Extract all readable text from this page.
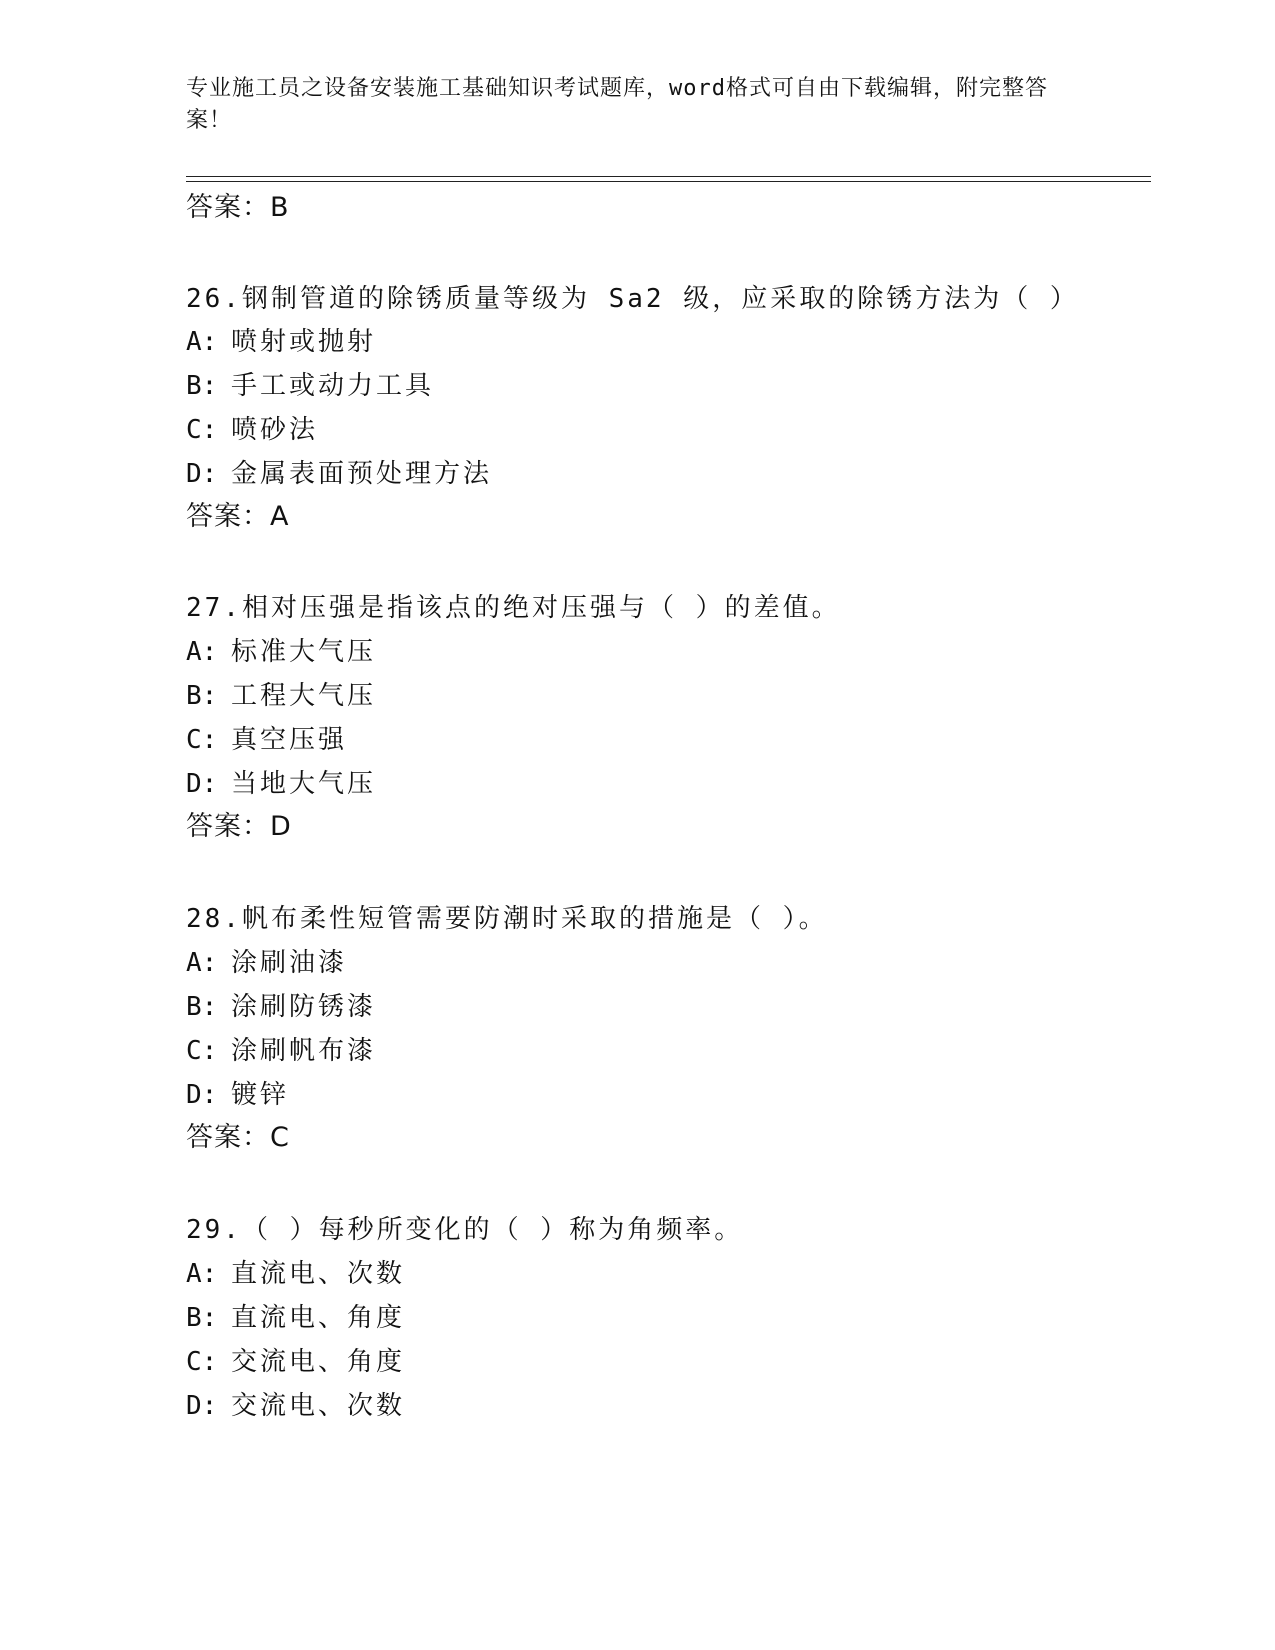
专业施工员之设备安装施工基础知识考试题库，word格式可自由下载编辑，附完整答案！
答案：B
26.钢制管道的除锈质量等级为 Sa2 级，应采取的除锈方法为（ ）
A: 喷射或抛射
B: 手工或动力工具
C: 喷砂法
D: 金属表面预处理方法
答案：A
27.相对压强是指该点的绝对压强与（ ）的差值。
A: 标准大气压
B: 工程大气压
C: 真空压强
D: 当地大气压
答案：D
28.帆布柔性短管需要防潮时采取的措施是（ ）。
A: 涂刷油漆
B: 涂刷防锈漆
C: 涂刷帆布漆
D: 镀锌
答案：C
29.（ ）每秒所变化的（ ）称为角频率。
A: 直流电、次数
B: 直流电、角度
C: 交流电、角度
D: 交流电、次数
